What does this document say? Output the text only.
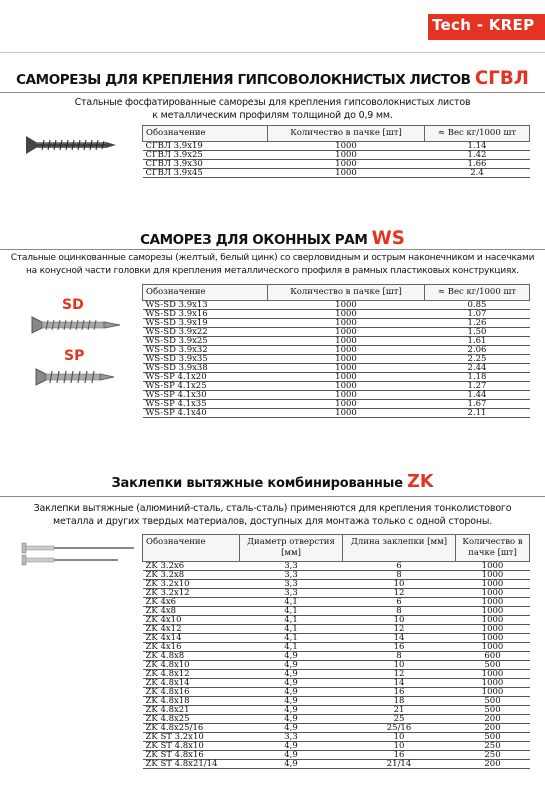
Tech - KREP
САМОРЕЗЫ ДЛЯ КРЕПЛЕНИЯ ГИПСОВОЛОКНИСТЫХ ЛИСТОВ СГВЛ
Стальные фосфатированные саморезы для крепления гипсоволокнистых листов
к металлическим профилям толщиной до 0,9 мм.
Обозначение	Количество в пачке [шт]	≈ Вес кг/1000 шт
СГВЛ 3.9x19	1000	1.14
СГВЛ 3.9x25	1000	1.42
СГВЛ 3.9x30	1000	1.66
СГВЛ 3.9x45	1000	2.4
САМОРЕЗ ДЛЯ ОКОННЫХ РАМ WS
Стальные оцинкованные саморезы (желтый, белый цинк) со сверловидным и острым наконечником и насечками
на конусной части головки для крепления металлического профиля в рамных пластиковых конструкциях.
SD
SP
Обозначение	Количество в пачке [шт]	≈ Вес кг/1000 шт
WS-SD 3.9x13	1000	0.85
WS-SD 3.9x16	1000	1.07
WS-SD 3.9x19	1000	1.26
WS-SD 3.9x22	1000	1.50
WS-SD 3.9x25	1000	1.61
WS-SD 3.9x32	1000	2.06
WS-SD 3.9x35	1000	2.25
WS-SD 3.9x38	1000	2.44
WS-SP 4.1x20	1000	1.18
WS-SP 4.1x25	1000	1.27
WS-SP 4.1x30	1000	1.44
WS-SP 4.1x35	1000	1.67
WS-SP 4.1x40	1000	2.11
Заклепки вытяжные комбинированные ZK
Заклепки вытяжные (алюминий-сталь, сталь-сталь) применяются для крепления тонколистового
металла и других твердых материалов, доступных для монтажа только с одной стороны.
Обозначение	Диаметр отверстия [мм]	Длина заклепки [мм]	Количество в пачке [шт]
ZK 3.2x6	3,3	6	1000
ZK 3.2x8	3,3	8	1000
ZK 3.2x10	3,3	10	1000
ZK 3.2x12	3,3	12	1000
ZK 4x6	4,1	6	1000
ZK 4x8	4,1	8	1000
ZK 4x10	4,1	10	1000
ZK 4x12	4,1	12	1000
ZK 4x14	4,1	14	1000
ZK 4x16	4,1	16	1000
ZK 4.8x8	4,9	8	600
ZK 4.8x10	4,9	10	500
ZK 4.8x12	4,9	12	1000
ZK 4.8x14	4,9	14	1000
ZK 4.8x16	4,9	16	1000
ZK 4.8x18	4,9	18	500
ZK 4.8x21	4,9	21	500
ZK 4.8x25	4,9	25	200
ZK 4.8x25/16	4,9	25/16	200
ZK ST 3.2x10	3,3	10	500
ZK ST 4.8x10	4,9	10	250
ZK ST 4.8x16	4,9	16	250
ZK ST 4.8x21/14	4,9	21/14	200
